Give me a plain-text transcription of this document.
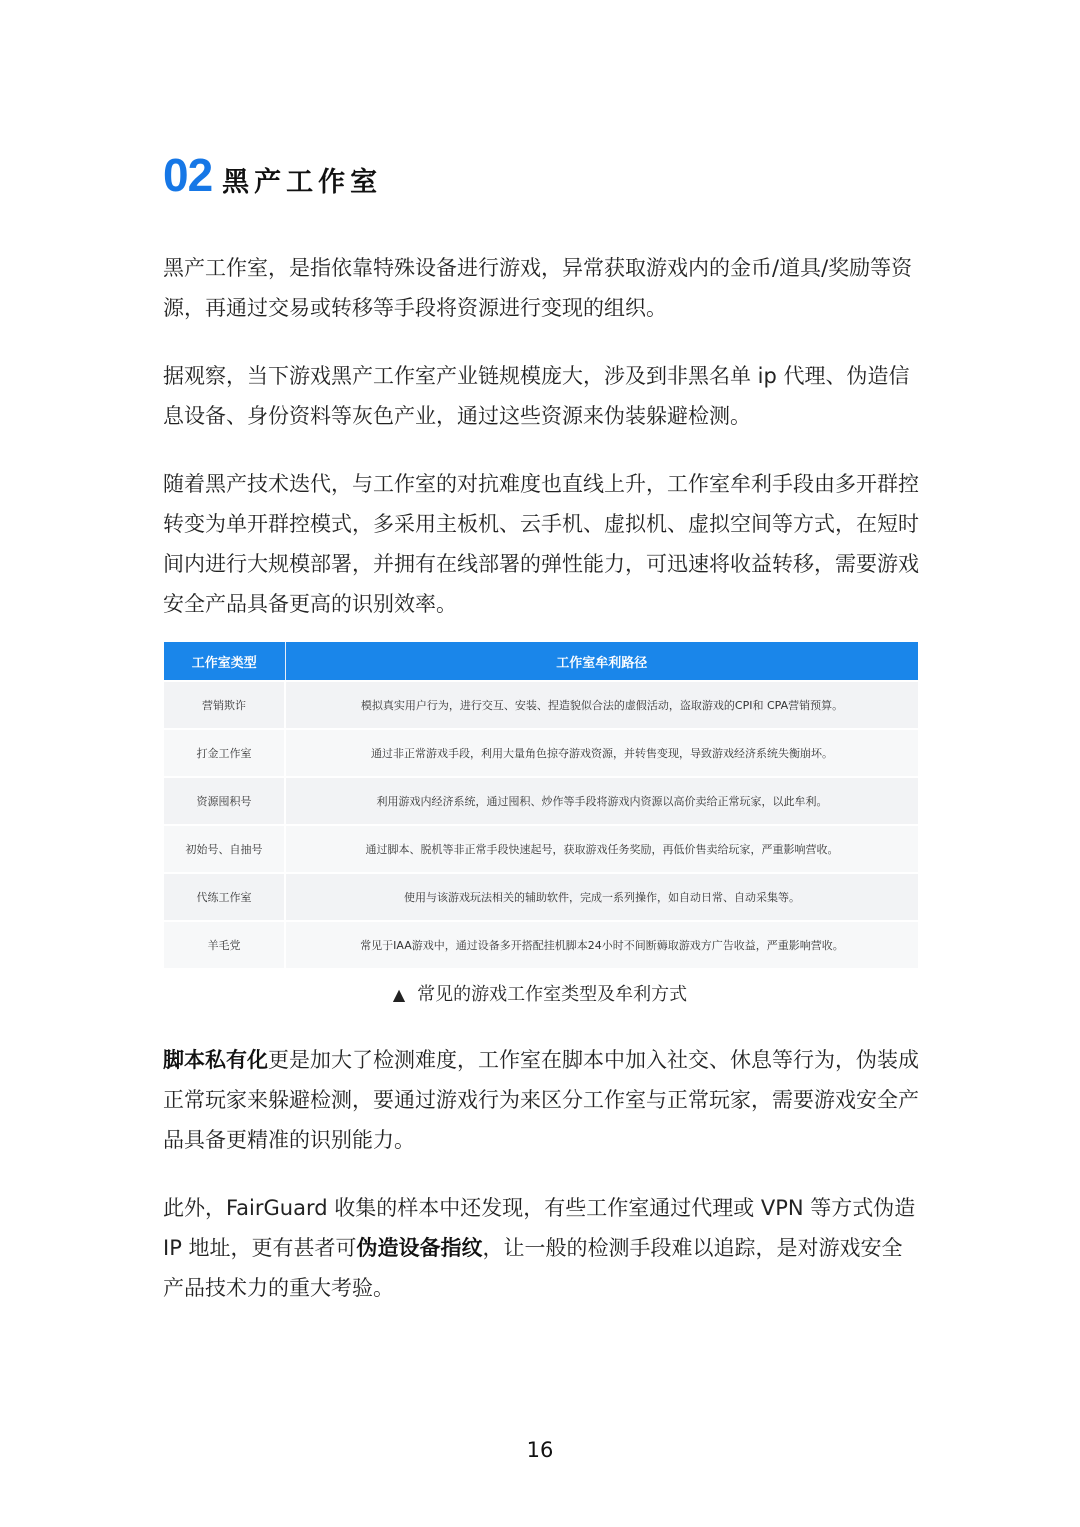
02 黑产工作室

黑产工作室，是指依靠特殊设备进行游戏，异常获取游戏内的金币/道具/奖励等资源，再通过交易或转移等手段将资源进行变现的组织。

据观察，当下游戏黑产工作室产业链规模庞大，涉及到非黑名单 ip 代理、伪造信息设备、身份资料等灰色产业，通过这些资源来伪装躲避检测。

随着黑产技术迭代，与工作室的对抗难度也直线上升，工作室牟利手段由多开群控转变为单开群控模式，多采用主板机、云手机、虚拟机、虚拟空间等方式，在短时间内进行大规模部署，并拥有在线部署的弹性能力，可迅速将收益转移，需要游戏安全产品具备更高的识别效率。

工作室类型	工作室牟利路径
营销欺诈	模拟真实用户行为，进行交互、安装、捏造貌似合法的虚假活动，盗取游戏的CPI和 CPA营销预算。
打金工作室	通过非正常游戏手段，利用大量角色掠夺游戏资源，并转售变现，导致游戏经济系统失衡崩坏。
资源囤积号	利用游戏内经济系统，通过囤积、炒作等手段将游戏内资源以高价卖给正常玩家，以此牟利。
初始号、自抽号	通过脚本、脱机等非正常手段快速起号，获取游戏任务奖励，再低价售卖给玩家，严重影响营收。
代练工作室	使用与该游戏玩法相关的辅助软件，完成一系列操作，如自动日常、自动采集等。
羊毛党	常见于IAA游戏中，通过设备多开搭配挂机脚本24小时不间断薅取游戏方广告收益，严重影响营收。
▲ 常见的游戏工作室类型及牟利方式

脚本私有化更是加大了检测难度，工作室在脚本中加入社交、休息等行为，伪装成正常玩家来躲避检测，要通过游戏行为来区分工作室与正常玩家，需要游戏安全产品具备更精准的识别能力。

此外，FairGuard 收集的样本中还发现，有些工作室通过代理或 VPN 等方式伪造 IP 地址，更有甚者可伪造设备指纹，让一般的检测手段难以追踪，是对游戏安全产品技术力的重大考验。

16
